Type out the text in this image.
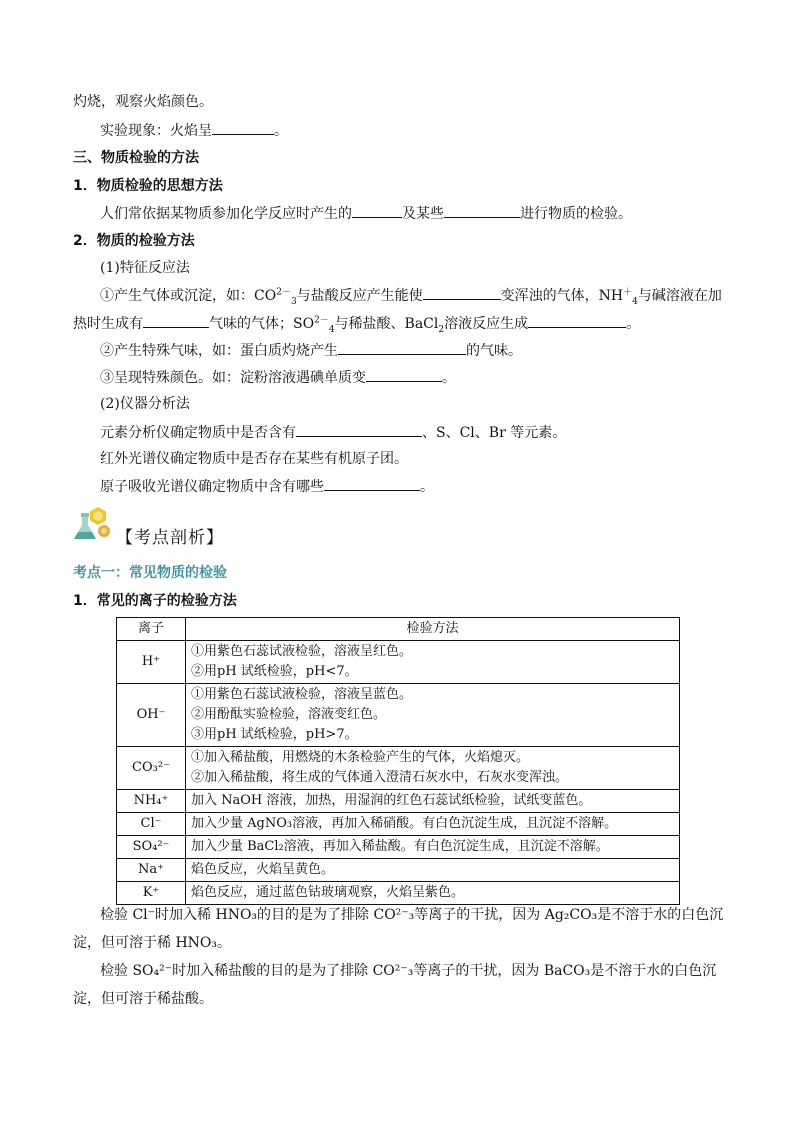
灼烧，观察火焰颜色。
实验现象：火焰呈	。
三、物质检验的方法
1．物质检验的思想方法
人们常依据某物质参加化学反应时产生的	及某些	进行物质的检验。
2．物质的检验方法
(1)特征反应法
①产生气体或沉淀，如：$CO^{2-}_3$与盐酸反应产生能使	变浑浊的气体，$NH^+_4$与碱溶液在加
热时生成有	气味的气体；$SO^{2-}_4$与稀盐酸、BaCl$_2$溶液反应生成	。
②产生特殊气味，如：蛋白质灼烧产生	的气味。
③呈现特殊颜色。如：淀粉溶液遇碘单质变	。
(2)仪器分析法
元素分析仪确定物质中是否含有	、S、Cl、Br 等元素。
红外光谱仪确定物质中是否存在某些有机原子团。
原子吸收光谱仪确定物质中含有哪些	。
【考点剖析】
考点一：常见物质的检验
1．常见的离子的检验方法
离子	检验方法
H⁺	①用紫色石蕊试液检验，溶液呈红色。
②用pH 试纸检验，pH<7。

OH⁻	①用紫色石蕊试液检验，溶液呈蓝色。
②用酚酞实验检验，溶液变红色。
③用pH 试纸检验，pH>7。

CO₃²⁻	①加入稀盐酸，用燃烧的木条检验产生的气体，火焰熄灭。
②加入稀盐酸，将生成的气体通入澄清石灰水中，石灰水变浑浊。

NH₄⁺	加入 NaOH 溶液，加热，用湿润的红色石蕊试纸检验，试纸变蓝色。

Cl⁻	加入少量 AgNO₃溶液，再加入稀硝酸。有白色沉淀生成，且沉淀不溶解。

SO₄²⁻	加入少量 BaCl₂溶液，再加入稀盐酸。有白色沉淀生成，且沉淀不溶解。

Na⁺	焰色反应，火焰呈黄色。

K⁺	焰色反应，通过蓝色钴玻璃观察，火焰呈紫色。
检验 Cl⁻时加入稀 HNO₃的目的是为了排除 CO²⁻₃等离子的干扰，因为 Ag₂CO₃是不溶于水的白色沉
淀，但可溶于稀 HNO₃。
检验 SO₄²⁻时加入稀盐酸的目的是为了排除 CO²⁻₃等离子的干扰，因为 BaCO₃是不溶于水的白色沉
淀，但可溶于稀盐酸。
